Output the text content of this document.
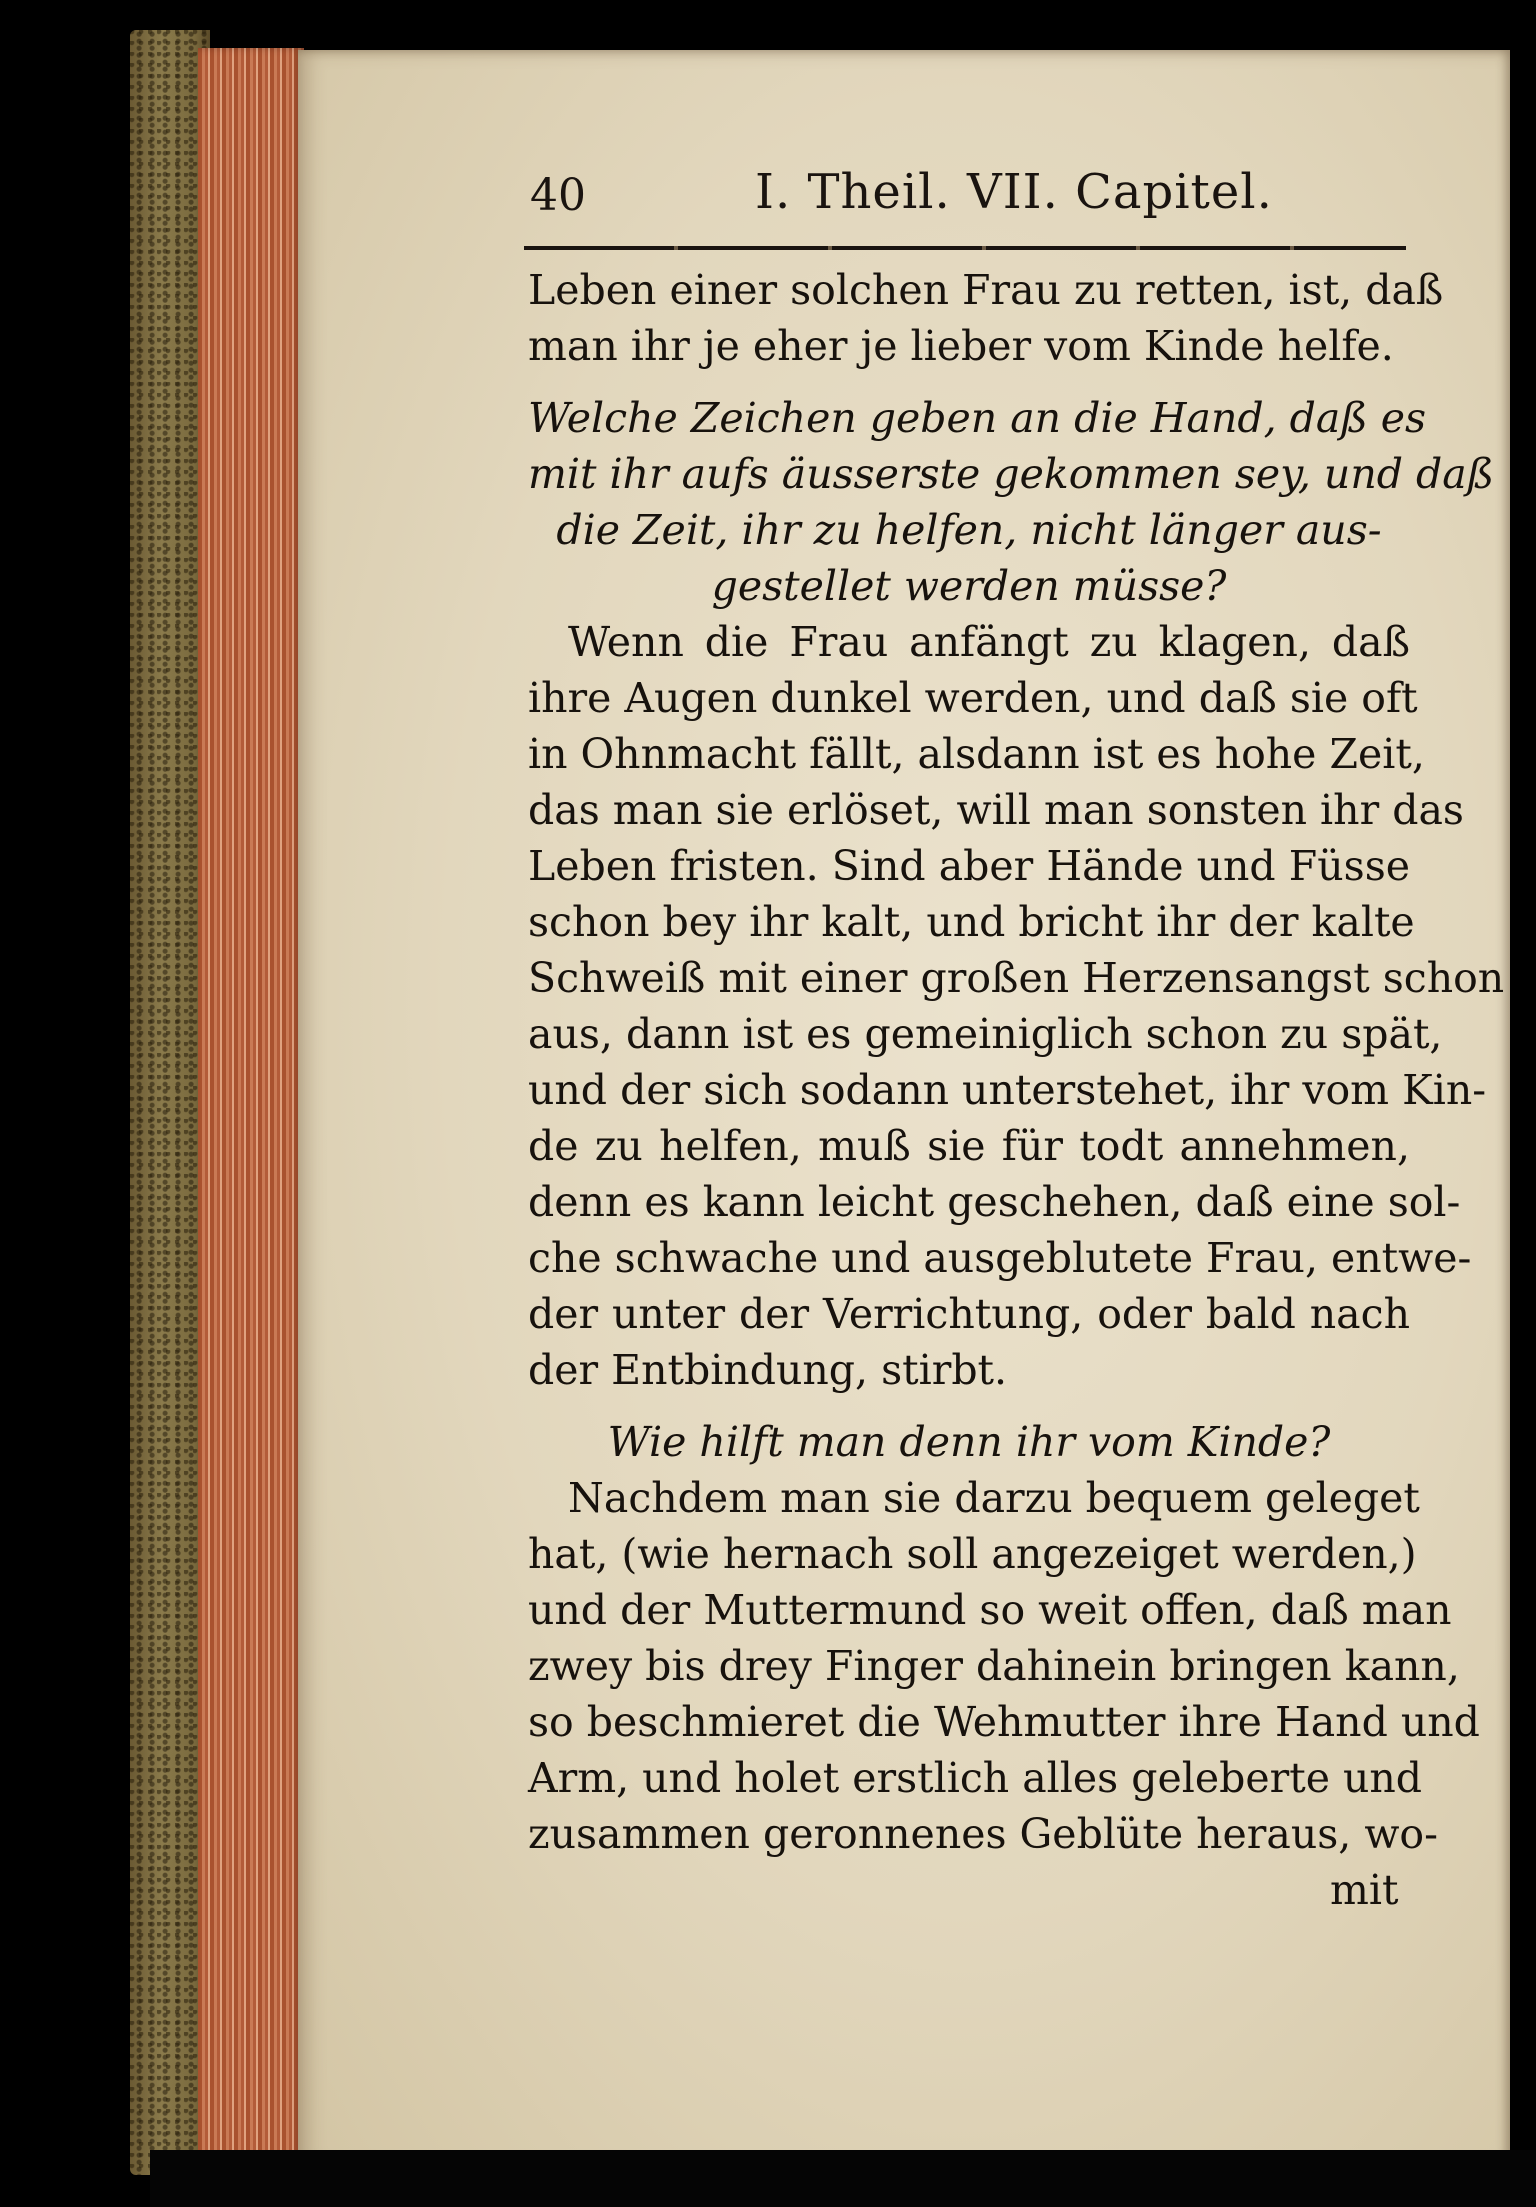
40	I. Theil. VII. Capitel.

Leben einer solchen Frau zu retten, ist, daß
man ihr je eher je lieber vom Kinde helfe.

Welche Zeichen geben an die Hand, daß es
mit ihr aufs äusserste gekommen sey, und daß
die Zeit, ihr zu helfen, nicht länger aus-
gestellet werden müsse?

Wenn die Frau anfängt zu klagen, daß
ihre Augen dunkel werden, und daß sie oft
in Ohnmacht fällt, alsdann ist es hohe Zeit,
das man sie erlöset, will man sonsten ihr das
Leben fristen. Sind aber Hände und Füsse
schon bey ihr kalt, und bricht ihr der kalte
Schweiß mit einer großen Herzensangst schon
aus, dann ist es gemeiniglich schon zu spät,
und der sich sodann unterstehet, ihr vom Kin-
de zu helfen, muß sie für todt annehmen,
denn es kann leicht geschehen, daß eine sol-
che schwache und ausgeblutete Frau, entwe-
der unter der Verrichtung, oder bald nach
der Entbindung, stirbt.

Wie hilft man denn ihr vom Kinde?

Nachdem man sie darzu bequem geleget
hat, (wie hernach soll angezeiget werden,)
und der Muttermund so weit offen, daß man
zwey bis drey Finger dahinein bringen kann,
so beschmieret die Wehmutter ihre Hand und
Arm, und holet erstlich alles geleberte und
zusammen geronnenes Geblüte heraus, wo-

mit
